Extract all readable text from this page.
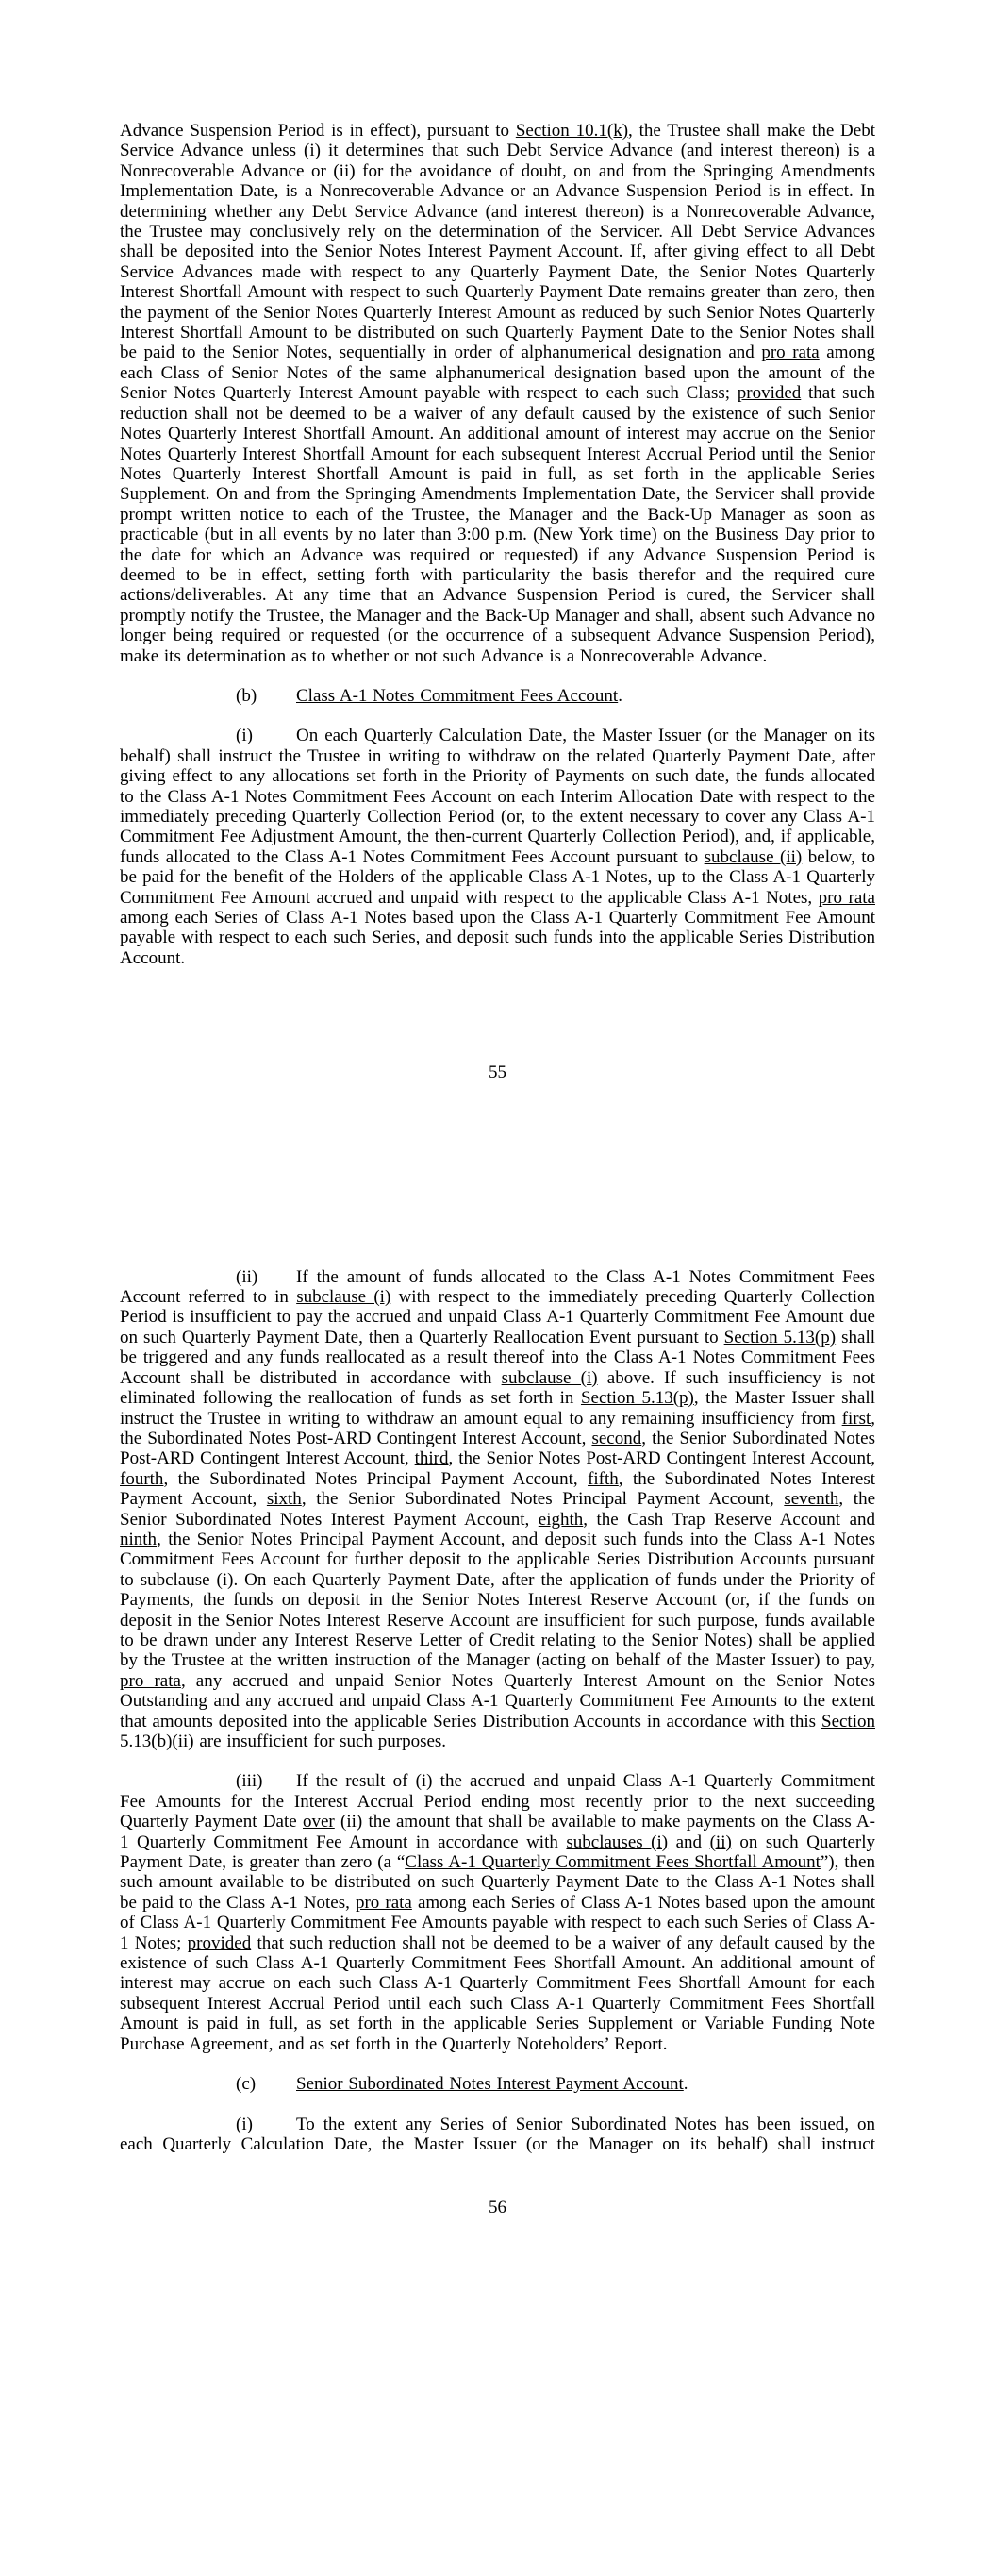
Advance Suspension Period is in effect), pursuant to Section 10.1(k), the Trustee shall make the Debt Service Advance unless (i) it determines that such Debt Service Advance (and interest thereon) is a Nonrecoverable Advance or (ii) for the avoidance of doubt, on and from the Springing Amendments Implementation Date, is a Nonrecoverable Advance or an Advance Suspension Period is in effect. In determining whether any Debt Service Advance (and interest thereon) is a Nonrecoverable Advance, the Trustee may conclusively rely on the determination of the Servicer. All Debt Service Advances shall be deposited into the Senior Notes Interest Payment Account. If, after giving effect to all Debt Service Advances made with respect to any Quarterly Payment Date, the Senior Notes Quarterly Interest Shortfall Amount with respect to such Quarterly Payment Date remains greater than zero, then the payment of the Senior Notes Quarterly Interest Amount as reduced by such Senior Notes Quarterly Interest Shortfall Amount to be distributed on such Quarterly Payment Date to the Senior Notes shall be paid to the Senior Notes, sequentially in order of alphanumerical designation and pro rata among each Class of Senior Notes of the same alphanumerical designation based upon the amount of the Senior Notes Quarterly Interest Amount payable with respect to each such Class; provided that such reduction shall not be deemed to be a waiver of any default caused by the existence of such Senior Notes Quarterly Interest Shortfall Amount. An additional amount of interest may accrue on the Senior Notes Quarterly Interest Shortfall Amount for each subsequent Interest Accrual Period until the Senior Notes Quarterly Interest Shortfall Amount is paid in full, as set forth in the applicable Series Supplement. On and from the Springing Amendments Implementation Date, the Servicer shall provide prompt written notice to each of the Trustee, the Manager and the Back-Up Manager as soon as practicable (but in all events by no later than 3:00 p.m. (New York time) on the Business Day prior to the date for which an Advance was required or requested) if any Advance Suspension Period is deemed to be in effect, setting forth with particularity the basis therefor and the required cure actions/deliverables. At any time that an Advance Suspension Period is cured, the Servicer shall promptly notify the Trustee, the Manager and the Back-Up Manager and shall, absent such Advance no longer being required or requested (or the occurrence of a subsequent Advance Suspension Period), make its determination as to whether or not such Advance is a Nonrecoverable Advance.

(b) Class A-1 Notes Commitment Fees Account.

(i) On each Quarterly Calculation Date, the Master Issuer (or the Manager on its behalf) shall instruct the Trustee in writing to withdraw on the related Quarterly Payment Date, after giving effect to any allocations set forth in the Priority of Payments on such date, the funds allocated to the Class A-1 Notes Commitment Fees Account on each Interim Allocation Date with respect to the immediately preceding Quarterly Collection Period (or, to the extent necessary to cover any Class A-1 Commitment Fee Adjustment Amount, the then-current Quarterly Collection Period), and, if applicable, funds allocated to the Class A-1 Notes Commitment Fees Account pursuant to subclause (ii) below, to be paid for the benefit of the Holders of the applicable Class A-1 Notes, up to the Class A-1 Quarterly Commitment Fee Amount accrued and unpaid with respect to the applicable Class A-1 Notes, pro rata among each Series of Class A-1 Notes based upon the Class A-1 Quarterly Commitment Fee Amount payable with respect to each such Series, and deposit such funds into the applicable Series Distribution Account.

55

(ii) If the amount of funds allocated to the Class A-1 Notes Commitment Fees Account referred to in subclause (i) with respect to the immediately preceding Quarterly Collection Period is insufficient to pay the accrued and unpaid Class A-1 Quarterly Commitment Fee Amount due on such Quarterly Payment Date, then a Quarterly Reallocation Event pursuant to Section 5.13(p) shall be triggered and any funds reallocated as a result thereof into the Class A-1 Notes Commitment Fees Account shall be distributed in accordance with subclause (i) above. If such insufficiency is not eliminated following the reallocation of funds as set forth in Section 5.13(p), the Master Issuer shall instruct the Trustee in writing to withdraw an amount equal to any remaining insufficiency from first, the Subordinated Notes Post-ARD Contingent Interest Account, second, the Senior Subordinated Notes Post-ARD Contingent Interest Account, third, the Senior Notes Post-ARD Contingent Interest Account, fourth, the Subordinated Notes Principal Payment Account, fifth, the Subordinated Notes Interest Payment Account, sixth, the Senior Subordinated Notes Principal Payment Account, seventh, the Senior Subordinated Notes Interest Payment Account, eighth, the Cash Trap Reserve Account and ninth, the Senior Notes Principal Payment Account, and deposit such funds into the Class A-1 Notes Commitment Fees Account for further deposit to the applicable Series Distribution Accounts pursuant to subclause (i). On each Quarterly Payment Date, after the application of funds under the Priority of Payments, the funds on deposit in the Senior Notes Interest Reserve Account (or, if the funds on deposit in the Senior Notes Interest Reserve Account are insufficient for such purpose, funds available to be drawn under any Interest Reserve Letter of Credit relating to the Senior Notes) shall be applied by the Trustee at the written instruction of the Manager (acting on behalf of the Master Issuer) to pay, pro rata, any accrued and unpaid Senior Notes Quarterly Interest Amount on the Senior Notes Outstanding and any accrued and unpaid Class A-1 Quarterly Commitment Fee Amounts to the extent that amounts deposited into the applicable Series Distribution Accounts in accordance with this Section 5.13(b)(ii) are insufficient for such purposes.

(iii) If the result of (i) the accrued and unpaid Class A-1 Quarterly Commitment Fee Amounts for the Interest Accrual Period ending most recently prior to the next succeeding Quarterly Payment Date over (ii) the amount that shall be available to make payments on the Class A-1 Quarterly Commitment Fee Amount in accordance with subclauses (i) and (ii) on such Quarterly Payment Date, is greater than zero (a “Class A-1 Quarterly Commitment Fees Shortfall Amount”), then such amount available to be distributed on such Quarterly Payment Date to the Class A-1 Notes shall be paid to the Class A-1 Notes, pro rata among each Series of Class A-1 Notes based upon the amount of Class A-1 Quarterly Commitment Fee Amounts payable with respect to each such Series of Class A-1 Notes; provided that such reduction shall not be deemed to be a waiver of any default caused by the existence of such Class A-1 Quarterly Commitment Fees Shortfall Amount. An additional amount of interest may accrue on each such Class A-1 Quarterly Commitment Fees Shortfall Amount for each subsequent Interest Accrual Period until each such Class A-1 Quarterly Commitment Fees Shortfall Amount is paid in full, as set forth in the applicable Series Supplement or Variable Funding Note Purchase Agreement, and as set forth in the Quarterly Noteholders’ Report.

(c) Senior Subordinated Notes Interest Payment Account.

(i) To the extent any Series of Senior Subordinated Notes has been issued, on each Quarterly Calculation Date, the Master Issuer (or the Manager on its behalf) shall instruct

56
